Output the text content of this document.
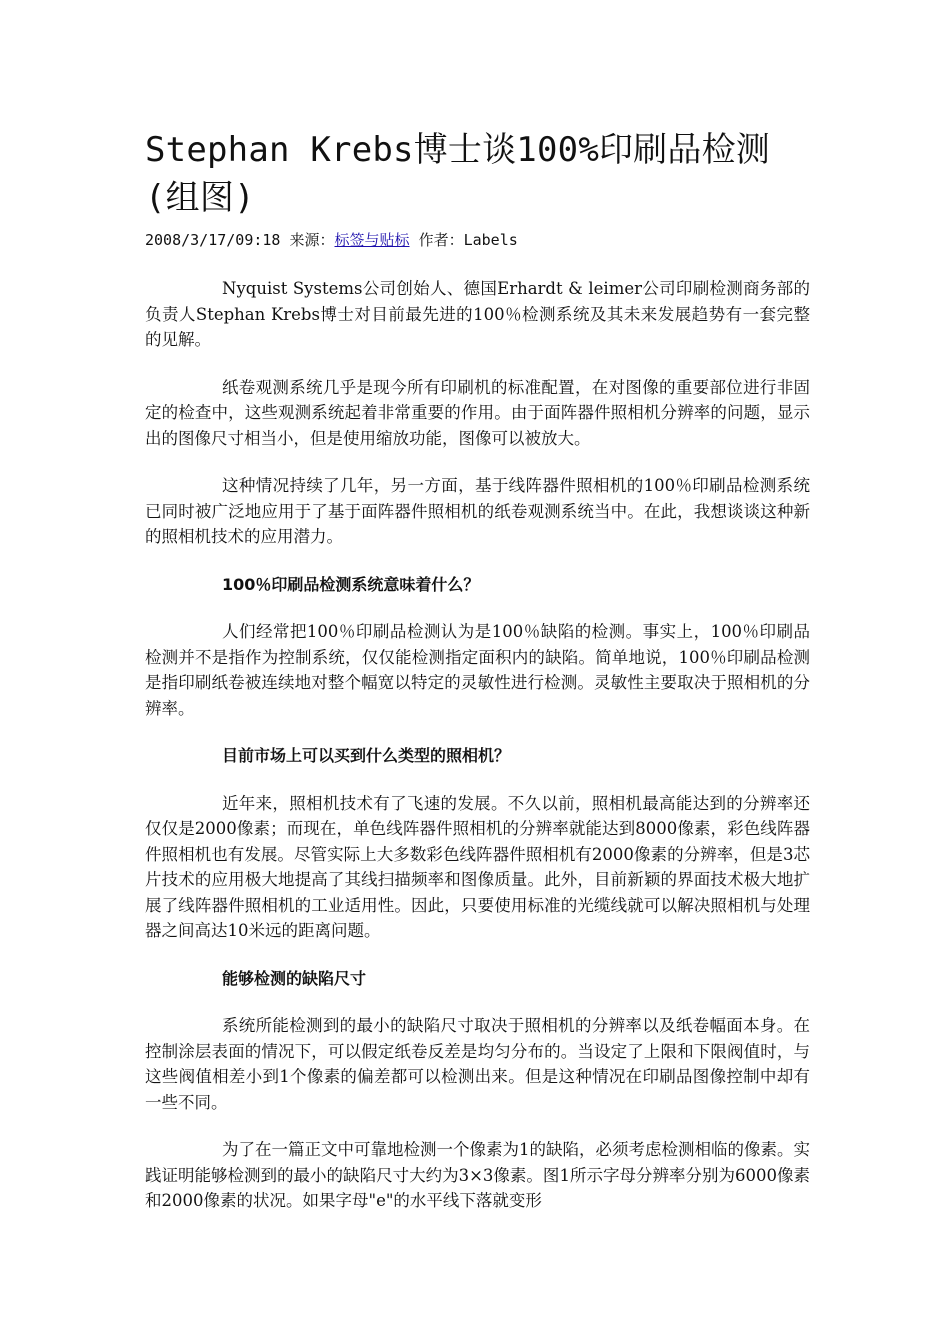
Stephan Krebs博士谈100%印刷品检测(组图)
2008/3/17/09:18 来源：标签与贴标 作者：Labels

Nyquist Systems公司创始人、德国Erhardt & leimer公司印刷检测商务部的负责人Stephan Krebs博士对目前最先进的100％检测系统及其未来发展趋势有一套完整的见解。

纸卷观测系统几乎是现今所有印刷机的标准配置，在对图像的重要部位进行非固定的检查中，这些观测系统起着非常重要的作用。由于面阵器件照相机分辨率的问题，显示出的图像尺寸相当小，但是使用缩放功能，图像可以被放大。

这种情况持续了几年，另一方面，基于线阵器件照相机的100％印刷品检测系统已同时被广泛地应用于了基于面阵器件照相机的纸卷观测系统当中。在此，我想谈谈这种新的照相机技术的应用潜力。

100％印刷品检测系统意味着什么？

人们经常把100％印刷品检测认为是100％缺陷的检测。事实上，100％印刷品检测并不是指作为控制系统，仅仅能检测指定面积内的缺陷。简单地说，100％印刷品检测是指印刷纸卷被连续地对整个幅宽以特定的灵敏性进行检测。灵敏性主要取决于照相机的分辨率。

目前市场上可以买到什么类型的照相机？

近年来，照相机技术有了飞速的发展。不久以前，照相机最高能达到的分辨率还仅仅是2000像素；而现在，单色线阵器件照相机的分辨率就能达到8000像素，彩色线阵器件照相机也有发展。尽管实际上大多数彩色线阵器件照相机有2000像素的分辨率，但是3芯片技术的应用极大地提高了其线扫描频率和图像质量。此外，目前新颖的界面技术极大地扩展了线阵器件照相机的工业适用性。因此，只要使用标准的光缆线就可以解决照相机与处理器之间高达10米远的距离问题。

能够检测的缺陷尺寸

系统所能检测到的最小的缺陷尺寸取决于照相机的分辨率以及纸卷幅面本身。在控制涂层表面的情况下，可以假定纸卷反差是均匀分布的。当设定了上限和下限阀值时，与这些阀值相差小到1个像素的偏差都可以检测出来。但是这种情况在印刷品图像控制中却有一些不同。

为了在一篇正文中可靠地检测一个像素为1的缺陷，必须考虑检测相临的像素。实践证明能够检测到的最小的缺陷尺寸大约为3×3像素。图1所示字母分辨率分别为6000像素和2000像素的状况。如果字母"e"的水平线下落就变形
